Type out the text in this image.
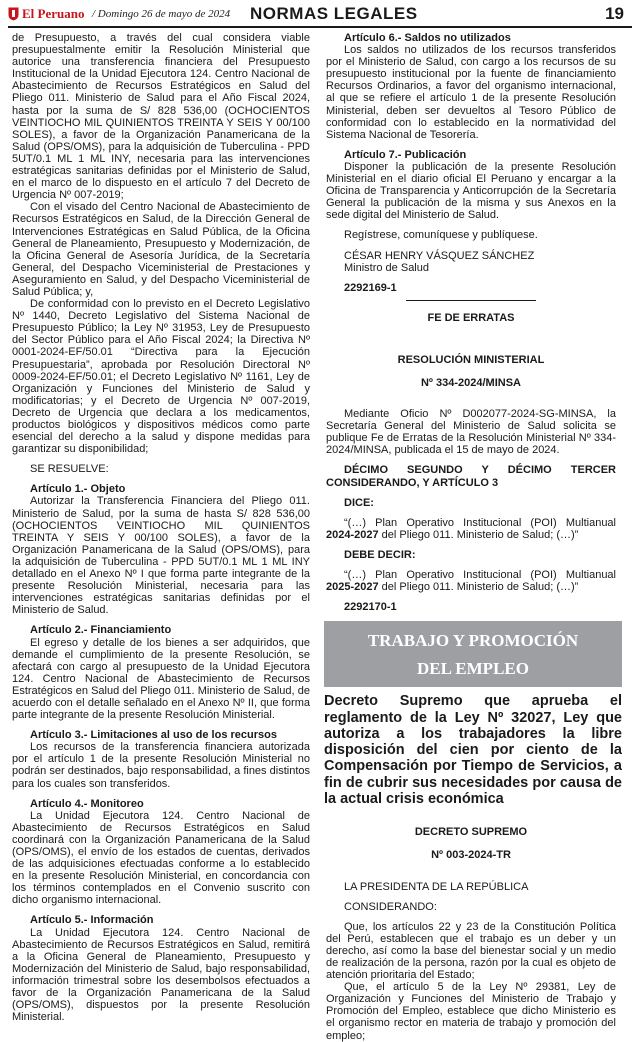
El Peruano / Domingo 26 de mayo de 2024 NORMAS LEGALES	19

de Presupuesto, a través del cual considera viable presupuestalmente emitir la Resolución Ministerial que autorice una transferencia financiera del Presupuesto Institucional de la Unidad Ejecutora 124. Centro Nacional de Abastecimiento de Recursos Estratégicos en Salud del Pliego 011. Ministerio de Salud para el Año Fiscal 2024, hasta por la suma de S/ 828 536,00 (OCHOCIENTOS VEINTIOCHO MIL QUINIENTOS TREINTA Y SEIS Y 00/100 SOLES), a favor de la Organización Panamericana de la Salud (OPS/OMS), para la adquisición de Tuberculina - PPD 5UT/0.1 ML 1 ML INY, necesaria para las intervenciones estratégicas sanitarias definidas por el Ministerio de Salud, en el marco de lo dispuesto en el artículo 7 del Decreto de Urgencia Nº 007-2019;

Con el visado del Centro Nacional de Abastecimiento de Recursos Estratégicos en Salud, de la Dirección General de Intervenciones Estratégicas en Salud Pública, de la Oficina General de Planeamiento, Presupuesto y Modernización, de la Oficina General de Asesoría Jurídica, de la Secretaría General, del Despacho Viceministerial de Prestaciones y Aseguramiento en Salud, y del Despacho Viceministerial de Salud Pública; y,

De conformidad con lo previsto en el Decreto Legislativo Nº 1440, Decreto Legislativo del Sistema Nacional de Presupuesto Público; la Ley Nº 31953, Ley de Presupuesto del Sector Público para el Año Fiscal 2024; la Directiva Nº 0001-2024-EF/50.01 “Directiva para la Ejecución Presupuestaria”, aprobada por Resolución Directoral Nº 0009-2024-EF/50.01; el Decreto Legislativo Nº 1161, Ley de Organización y Funciones del Ministerio de Salud y modificatorias; y el Decreto de Urgencia Nº 007-2019, Decreto de Urgencia que declara a los medicamentos, productos biológicos y dispositivos médicos como parte esencial del derecho a la salud y dispone medidas para garantizar su disponibilidad;

SE RESUELVE:

Artículo 1.- Objeto

Autorizar la Transferencia Financiera del Pliego 011. Ministerio de Salud, por la suma de hasta S/ 828 536,00 (OCHOCIENTOS VEINTIOCHO MIL QUINIENTOS TREINTA Y SEIS Y 00/100 SOLES), a favor de la Organización Panamericana de la Salud (OPS/OMS), para la adquisición de Tuberculina - PPD 5UT/0.1 ML 1 ML INY detallado en el Anexo Nº I que forma parte integrante de la presente Resolución Ministerial, necesaria para las intervenciones estratégicas sanitarias definidas por el Ministerio de Salud.

Artículo 2.- Financiamiento

El egreso y detalle de los bienes a ser adquiridos, que demande el cumplimiento de la presente Resolución, se afectará con cargo al presupuesto de la Unidad Ejecutora 124. Centro Nacional de Abastecimiento de Recursos Estratégicos en Salud del Pliego 011. Ministerio de Salud, de acuerdo con el detalle señalado en el Anexo Nº II, que forma parte integrante de la presente Resolución Ministerial.

Artículo 3.- Limitaciones al uso de los recursos

Los recursos de la transferencia financiera autorizada por el artículo 1 de la presente Resolución Ministerial no podrán ser destinados, bajo responsabilidad, a fines distintos para los cuales son transferidos.

Artículo 4.- Monitoreo

La Unidad Ejecutora 124. Centro Nacional de Abastecimiento de Recursos Estratégicos en Salud coordinará con la Organización Panamericana de la Salud (OPS/OMS), el envío de los estados de cuentas, derivados de las adquisiciones efectuadas conforme a lo establecido en la presente Resolución Ministerial, en concordancia con los términos contemplados en el Convenio suscrito con dicho organismo internacional.

Artículo 5.- Información

La Unidad Ejecutora 124. Centro Nacional de Abastecimiento de Recursos Estratégicos en Salud, remitirá a la Oficina General de Planeamiento, Presupuesto y Modernización del Ministerio de Salud, bajo responsabilidad, información trimestral sobre los desembolsos efectuados a favor de la Organización Panamericana de la Salud (OPS/OMS), dispuestos por la presente Resolución Ministerial.

Artículo 6.- Saldos no utilizados

Los saldos no utilizados de los recursos transferidos por el Ministerio de Salud, con cargo a los recursos de su presupuesto institucional por la fuente de financiamiento Recursos Ordinarios, a favor del organismo internacional, al que se refiere el artículo 1 de la presente Resolución Ministerial, deben ser devueltos al Tesoro Público de conformidad con lo establecido en la normatividad del Sistema Nacional de Tesorería.

Artículo 7.- Publicación

Disponer la publicación de la presente Resolución Ministerial en el diario oficial El Peruano y encargar a la Oficina de Transparencia y Anticorrupción de la Secretaría General la publicación de la misma y sus Anexos en la sede digital del Ministerio de Salud.

Regístrese, comuníquese y publíquese.

CÉSAR HENRY VÁSQUEZ SÁNCHEZ

Ministro de Salud

2292169-1

FE DE ERRATAS

RESOLUCIÓN MINISTERIAL

Nº 334-2024/MINSA

Mediante Oficio Nº D002077-2024-SG-MINSA, la Secretaría General del Ministerio de Salud solicita se publique Fe de Erratas de la Resolución Ministerial Nº 334-2024/MINSA, publicada el 15 de mayo de 2024.

DÉCIMO SEGUNDO Y DÉCIMO TERCER CONSIDERANDO, Y ARTÍCULO 3

DICE:

“(…) Plan Operativo Institucional (POI) Multianual 2024-2027 del Pliego 011. Ministerio de Salud; (…)”

DEBE DECIR:

“(…) Plan Operativo Institucional (POI) Multianual 2025-2027 del Pliego 011. Ministerio de Salud; (…)”

2292170-1

TRABAJO Y PROMOCIÓN
DEL EMPLEO

Decreto Supremo que aprueba el reglamento de la Ley Nº 32027, Ley que autoriza a los trabajadores la libre disposición del cien por ciento de la Compensación por Tiempo de Servicios, a fin de cubrir sus necesidades por causa de la actual crisis económica

DECRETO SUPREMO

Nº 003-2024-TR

LA PRESIDENTA DE LA REPÚBLICA

CONSIDERANDO:

Que, los artículos 22 y 23 de la Constitución Política del Perú, establecen que el trabajo es un deber y un derecho, así como la base del bienestar social y un medio de realización de la persona, razón por la cual es objeto de atención prioritaria del Estado;

Que, el artículo 5 de la Ley Nº 29381, Ley de Organización y Funciones del Ministerio de Trabajo y Promoción del Empleo, establece que dicho Ministerio es el organismo rector en materia de trabajo y promoción del empleo;
